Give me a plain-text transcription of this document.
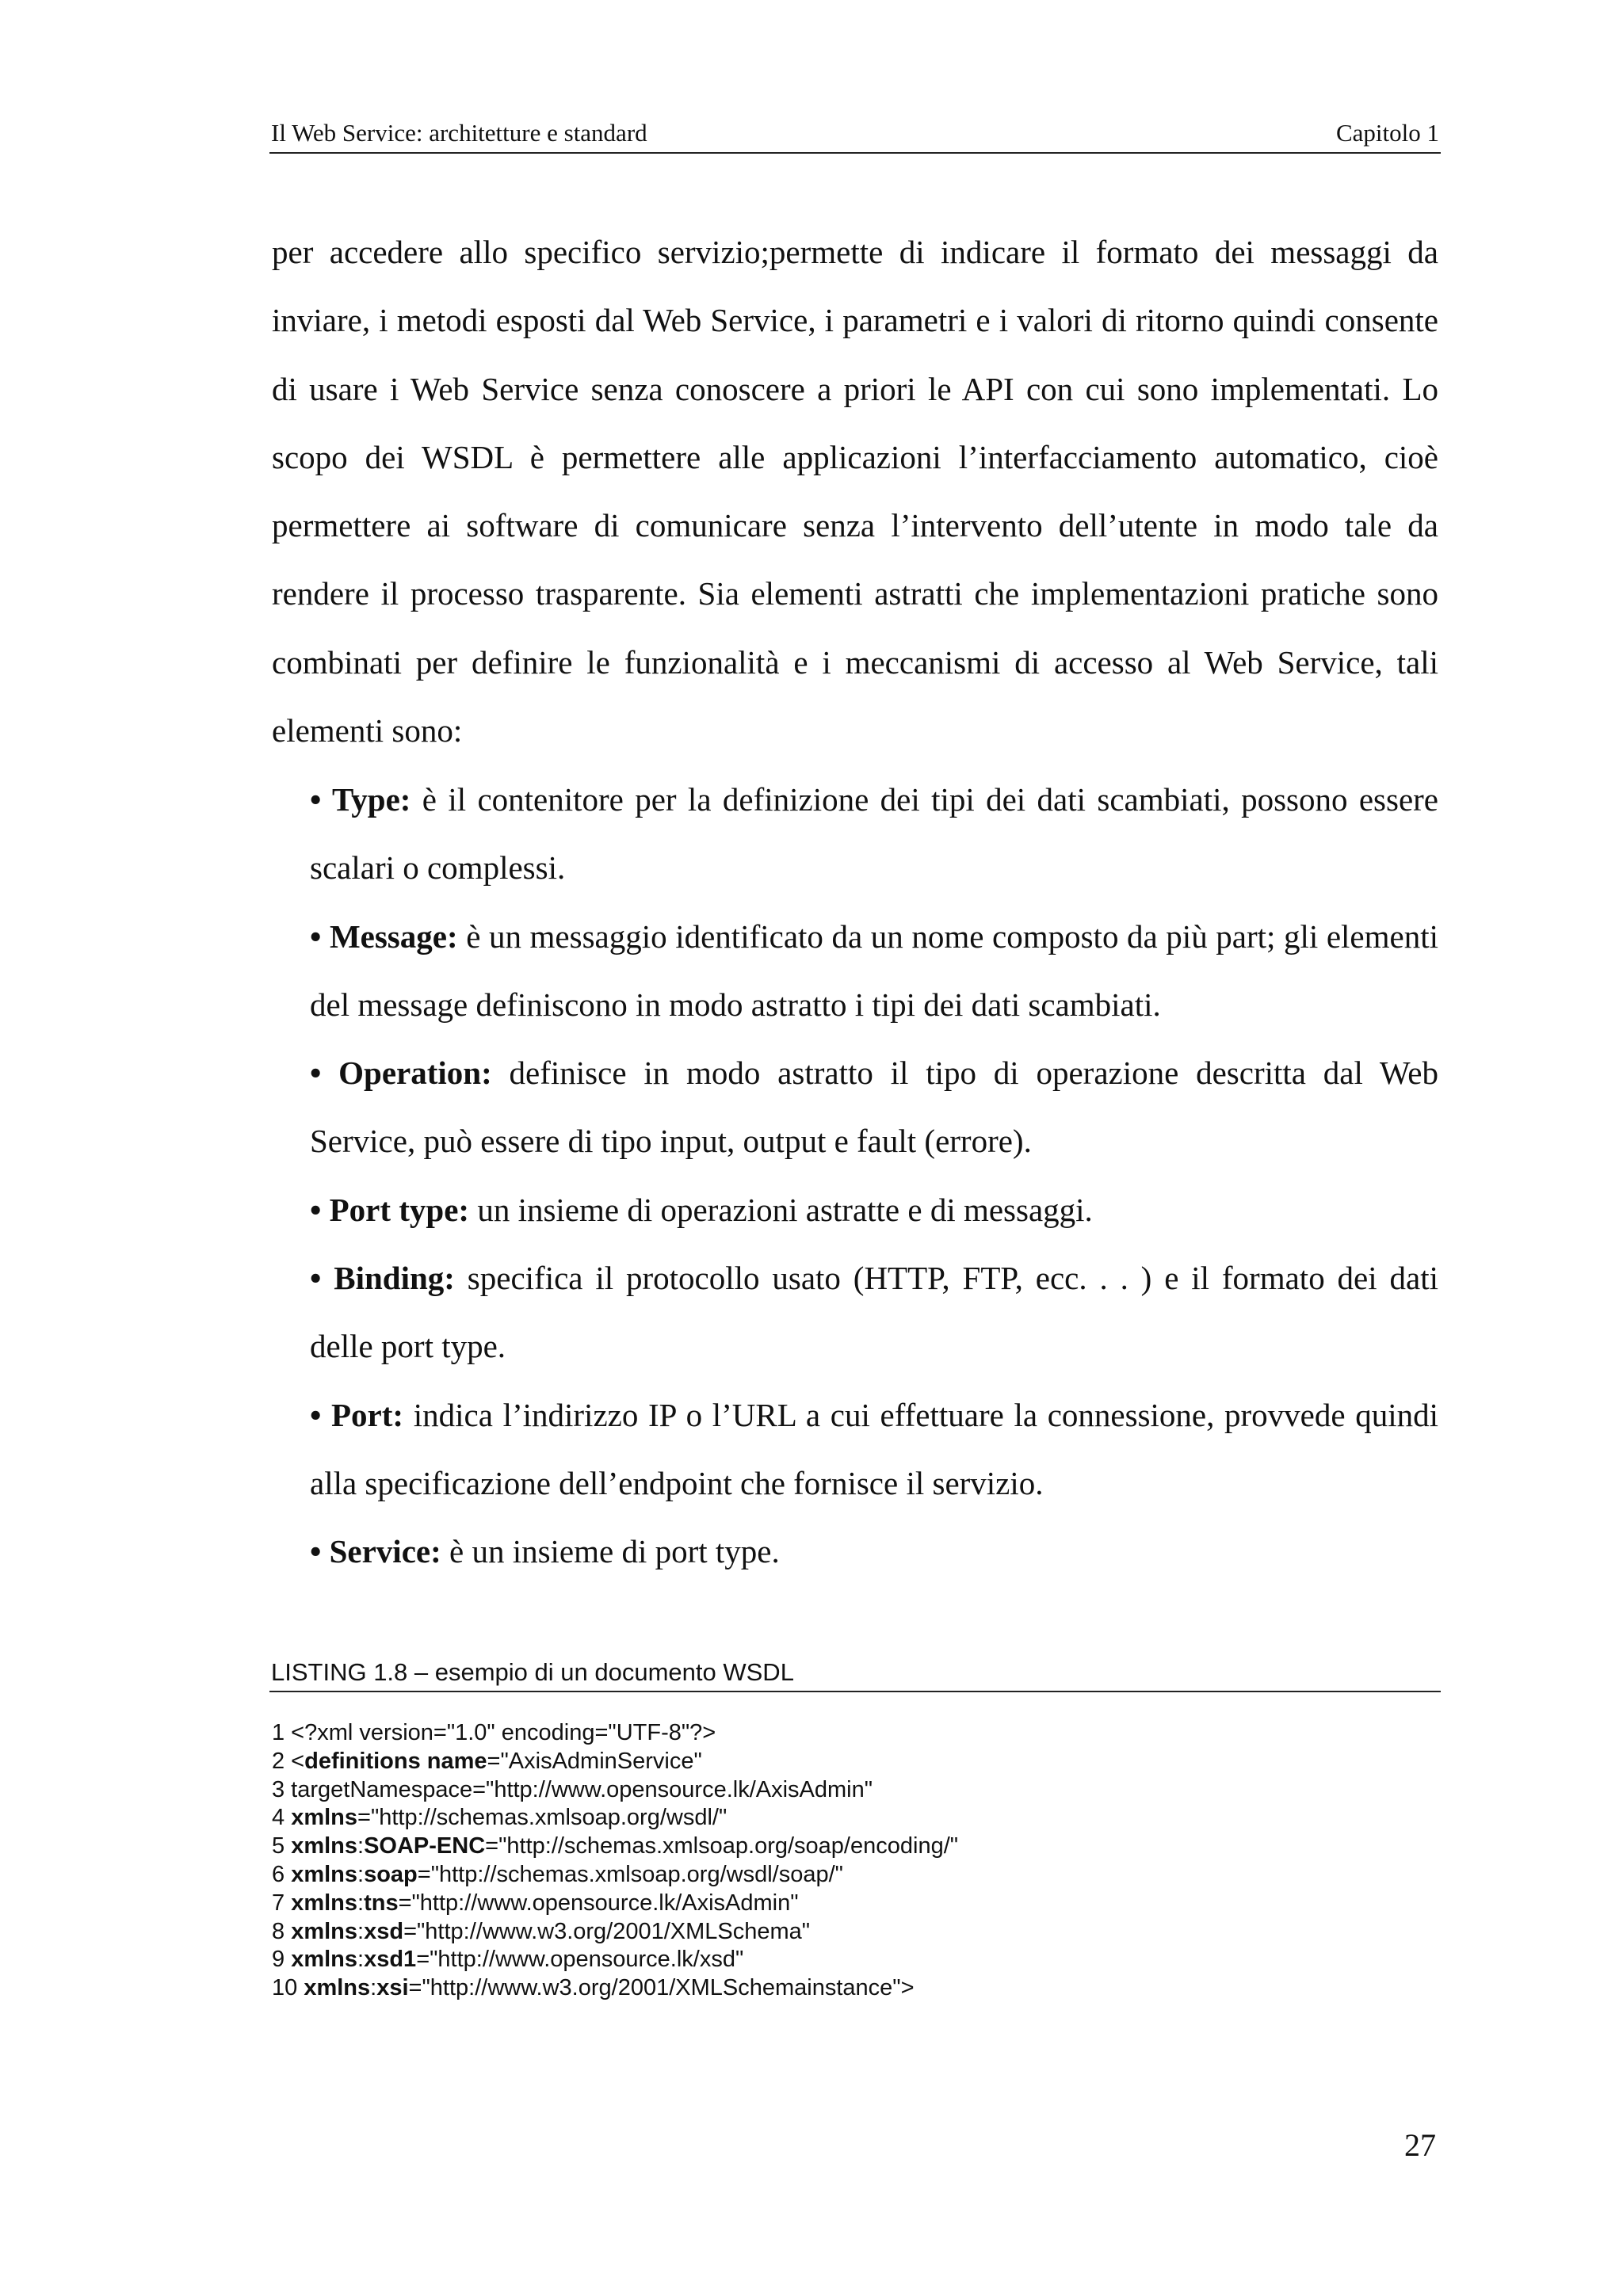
Il Web Service: architetture e standard	Capitolo 1

per accedere allo specifico servizio;permette di indicare il formato dei messaggi da inviare, i metodi esposti dal Web Service, i parametri e i valori di ritorno quindi consente di usare i Web Service senza conoscere a priori le API con cui sono implementati. Lo scopo dei WSDL è permettere alle applicazioni l’interfacciamento automatico, cioè permettere ai software di comunicare senza l’intervento dell’utente in modo tale da rendere il processo trasparente. Sia elementi astratti che implementazioni pratiche sono combinati per definire le funzionalità e i meccanismi di accesso al Web Service, tali elementi sono:

• Type: è il contenitore per la definizione dei tipi dei dati scambiati, possono essere scalari o complessi.
• Message: è un messaggio identificato da un nome composto da più part; gli elementi del message definiscono in modo astratto i tipi dei dati scambiati.
• Operation: definisce in modo astratto il tipo di operazione descritta dal Web Service, può essere di tipo input, output e fault (errore).
• Port type: un insieme di operazioni astratte e di messaggi.
• Binding: specifica il protocollo usato (HTTP, FTP, ecc. . . ) e il formato dei dati delle port type.
• Port: indica l’indirizzo IP o l’URL a cui effettuare la connessione, provvede quindi alla specificazione dell’endpoint che fornisce il servizio.
• Service: è un insieme di port type.
LISTING 1.8 – esempio di un documento WSDL
1 <?xml version="1.0" encoding="UTF-8"?>
2 <definitions name="AxisAdminService"
3 targetNamespace="http://www.opensource.lk/AxisAdmin"
4 xmlns="http://schemas.xmlsoap.org/wsdl/"
5 xmlns:SOAP-ENC="http://schemas.xmlsoap.org/soap/encoding/"
6 xmlns:soap="http://schemas.xmlsoap.org/wsdl/soap/"
7 xmlns:tns="http://www.opensource.lk/AxisAdmin"
8 xmlns:xsd="http://www.w3.org/2001/XMLSchema"
9 xmlns:xsd1="http://www.opensource.lk/xsd"
10 xmlns:xsi="http://www.w3.org/2001/XMLSchemainstance">
27
